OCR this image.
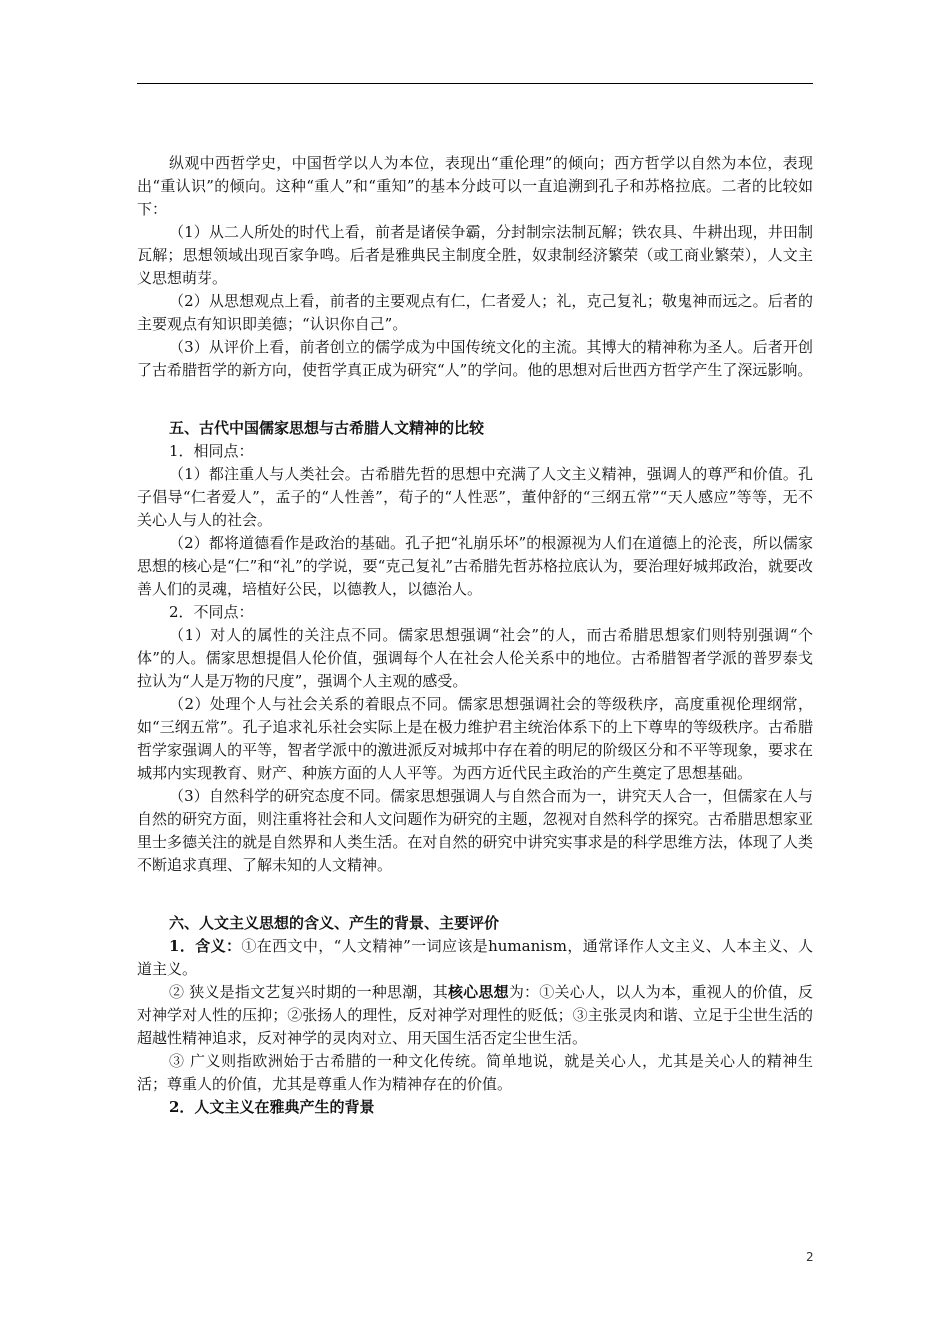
纵观中西哲学史，中国哲学以人为本位，表现出“重伦理”的倾向；西方哲学以自然为本位，表现出“重认识”的倾向。这种“重人”和“重知”的基本分歧可以一直追溯到孔子和苏格拉底。二者的比较如下：

（1）从二人所处的时代上看，前者是诸侯争霸，分封制宗法制瓦解；铁农具、牛耕出现，井田制瓦解；思想领域出现百家争鸣。后者是雅典民主制度全胜，奴隶制经济繁荣（或工商业繁荣），人文主义思想萌芽。

（2）从思想观点上看，前者的主要观点有仁，仁者爱人；礼，克己复礼；敬鬼神而远之。后者的主要观点有知识即美德；“认识你自己”。

（3）从评价上看，前者创立的儒学成为中国传统文化的主流。其博大的精神称为圣人。后者开创了古希腊哲学的新方向，使哲学真正成为研究“人”的学问。他的思想对后世西方哲学产生了深远影响。

五、古代中国儒家思想与古希腊人文精神的比较

1．相同点：

（1）都注重人与人类社会。古希腊先哲的思想中充满了人文主义精神，强调人的尊严和价值。孔子倡导“仁者爱人”，孟子的“人性善”，荀子的“人性恶”，董仲舒的“三纲五常”“天人感应”等等，无不关心人与人的社会。

（2）都将道德看作是政治的基础。孔子把“礼崩乐坏”的根源视为人们在道德上的沦丧，所以儒家思想的核心是“仁”和“礼”的学说，要“克己复礼”古希腊先哲苏格拉底认为，要治理好城邦政治，就要改善人们的灵魂，培植好公民，以德教人，以德治人。

2．不同点：

（1）对人的属性的关注点不同。儒家思想强调“社会”的人，而古希腊思想家们则特别强调“个体”的人。儒家思想提倡人伦价值，强调每个人在社会人伦关系中的地位。古希腊智者学派的普罗泰戈拉认为“人是万物的尺度”，强调个人主观的感受。

（2）处理个人与社会关系的着眼点不同。儒家思想强调社会的等级秩序，高度重视伦理纲常，如“三纲五常”。孔子追求礼乐社会实际上是在极力维护君主统治体系下的上下尊卑的等级秩序。古希腊哲学家强调人的平等，智者学派中的激进派反对城邦中存在着的明尼的阶级区分和不平等现象，要求在城邦内实现教育、财产、种族方面的人人平等。为西方近代民主政治的产生奠定了思想基础。

（3）自然科学的研究态度不同。儒家思想强调人与自然合而为一，讲究天人合一，但儒家在人与自然的研究方面，则注重将社会和人文问题作为研究的主题，忽视对自然科学的探究。古希腊思想家亚里士多德关注的就是自然界和人类生活。在对自然的研究中讲究实事求是的科学思维方法，体现了人类不断追求真理、了解未知的人文精神。

六、人文主义思想的含义、产生的背景、主要评价

1．含义：①在西文中，“人文精神”一词应该是humanism，通常译作人文主义、人本主义、人道主义。

② 狭义是指文艺复兴时期的一种思潮，其核心思想为：①关心人，以人为本，重视人的价值，反对神学对人性的压抑；②张扬人的理性，反对神学对理性的贬低；③主张灵肉和谐、立足于尘世生活的超越性精神追求，反对神学的灵肉对立、用天国生活否定尘世生活。

③ 广义则指欧洲始于古希腊的一种文化传统。简单地说，就是关心人，尤其是关心人的精神生活；尊重人的价值，尤其是尊重人作为精神存在的价值。

2．人文主义在雅典产生的背景

2
